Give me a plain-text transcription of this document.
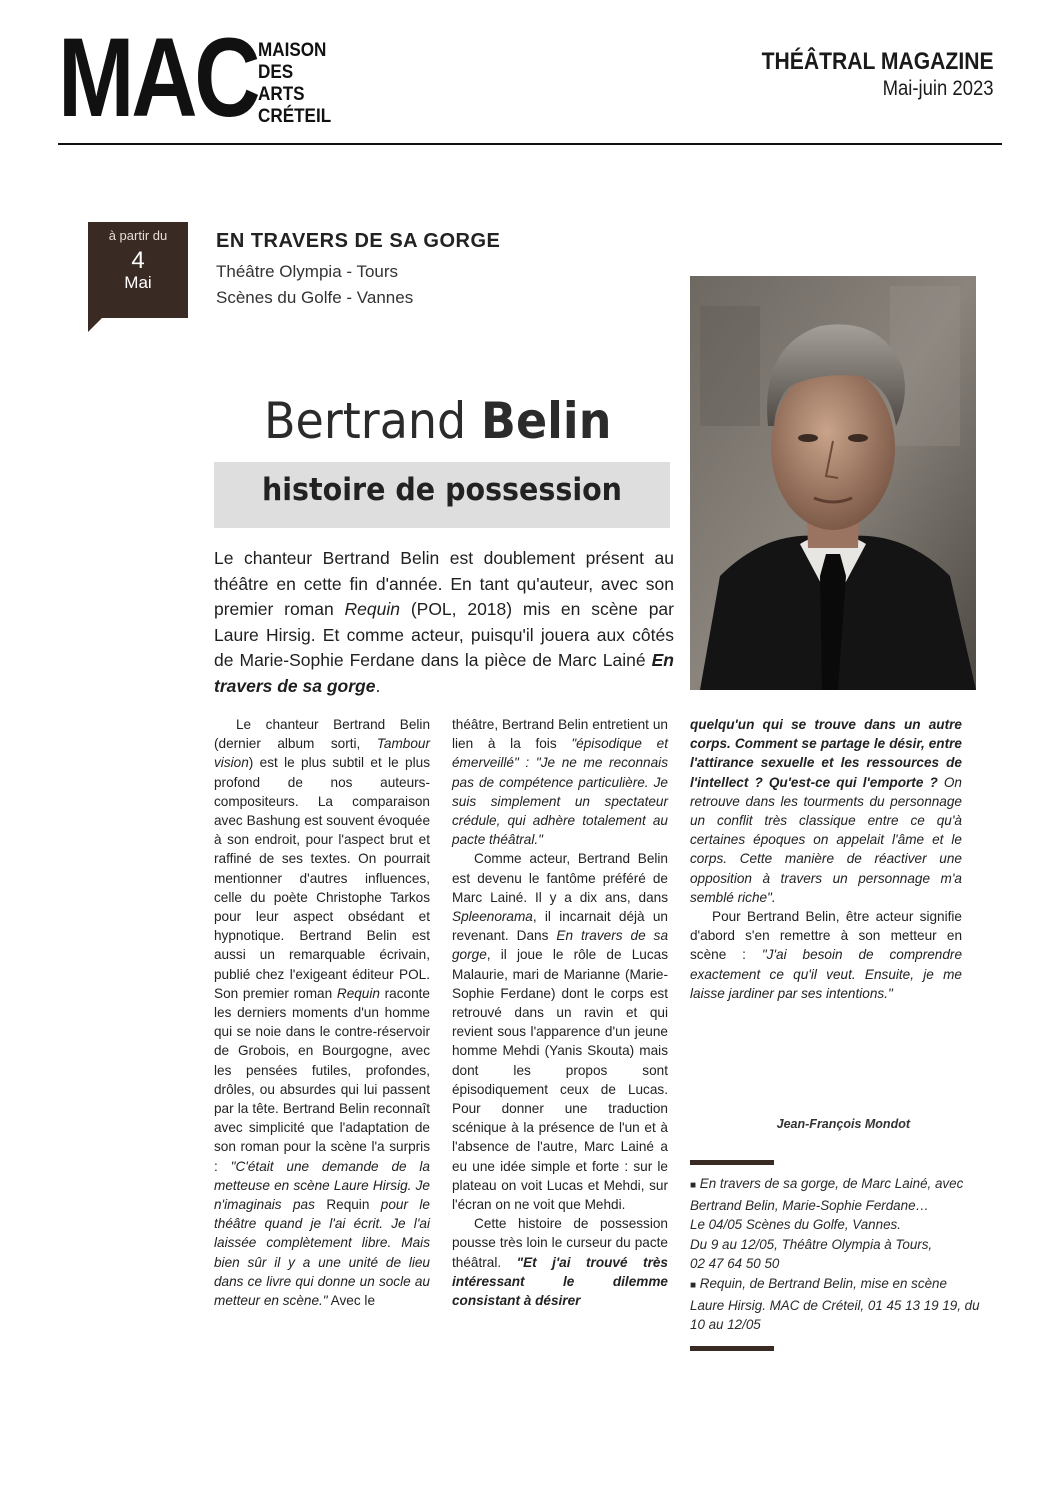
MAC MAISON
DES
ARTS
CRÉTEIL
THÉÂTRAL MAGAZINE
Mai-juin 2023
à partir du
4
Mai
EN TRAVERS DE SA GORGE
Théâtre Olympia - Tours
Scènes du Golfe - Vannes
Bertrand Belin
histoire de possession
Le chanteur Bertrand Belin est doublement présent au théâtre en cette fin d'année. En tant qu'auteur, avec son premier roman Requin (POL, 2018) mis en scène par Laure Hirsig. Et comme acteur, puisqu'il jouera aux côtés de Marie-Sophie Ferdane dans la pièce de Marc Lainé En travers de sa gorge.

Le chanteur Bertrand Belin (dernier album sorti, Tambour vision) est le plus subtil et le plus profond de nos auteurs-compositeurs. La comparaison avec Bashung est souvent évoquée à son endroit, pour l'aspect brut et raffiné de ses textes. On pourrait mentionner d'autres influences, celle du poète Christophe Tarkos pour leur aspect obsédant et hypnotique. Bertrand Belin est aussi un remarquable écrivain, publié chez l'exigeant éditeur POL. Son premier roman Requin raconte les derniers moments d'un homme qui se noie dans le contre-réservoir de Grobois, en Bourgogne, avec les pensées futiles, profondes, drôles, ou absurdes qui lui passent par la tête. Bertrand Belin reconnaît avec simplicité que l'adaptation de son roman pour la scène l'a surpris : "C'était une demande de la metteuse en scène Laure Hirsig. Je n'imaginais pas Requin pour le théâtre quand je l'ai écrit. Je l'ai laissée complètement libre. Mais bien sûr il y a une unité de lieu dans ce livre qui donne un socle au metteur en scène." Avec le

théâtre, Bertrand Belin entretient un lien à la fois "épisodique et émerveillé" : "Je ne me reconnais pas de compétence particulière. Je suis simplement un spectateur crédule, qui adhère totalement au pacte théâtral."

Comme acteur, Bertrand Belin est devenu le fantôme préféré de Marc Lainé. Il y a dix ans, dans Spleenorama, il incarnait déjà un revenant. Dans En travers de sa gorge, il joue le rôle de Lucas Malaurie, mari de Marianne (Marie-Sophie Ferdane) dont le corps est retrouvé dans un ravin et qui revient sous l'apparence d'un jeune homme Mehdi (Yanis Skouta) mais dont les propos sont épisodiquement ceux de Lucas. Pour donner une traduction scénique à la présence de l'un et à l'absence de l'autre, Marc Lainé a eu une idée simple et forte : sur le plateau on voit Lucas et Mehdi, sur l'écran on ne voit que Mehdi.

Cette histoire de possession pousse très loin le curseur du pacte théâtral. "Et j'ai trouvé très intéressant le dilemme consistant à désirer

quelqu'un qui se trouve dans un autre corps. Comment se partage le désir, entre l'attirance sexuelle et les ressources de l'intellect ? Qu'est-ce qui l'emporte ? On retrouve dans les tourments du personnage un conflit très classique entre ce qu'à certaines époques on appelait l'âme et le corps. Cette manière de réactiver une opposition à travers un personnage m'a semblé riche".

Pour Bertrand Belin, être acteur signifie d'abord s'en remettre à son metteur en scène : "J'ai besoin de comprendre exactement ce qu'il veut. Ensuite, je me laisse jardiner par ses intentions."

Jean-François Mondot
■ En travers de sa gorge, de Marc Lainé, avec Bertrand Belin, Marie-Sophie Ferdane…
Le 04/05 Scènes du Golfe, Vannes.
Du 9 au 12/05, Théâtre Olympia à Tours,
02 47 64 50 50
■ Requin, de Bertrand Belin, mise en scène Laure Hirsig. MAC de Créteil, 01 45 13 19 19, du 10 au 12/05
